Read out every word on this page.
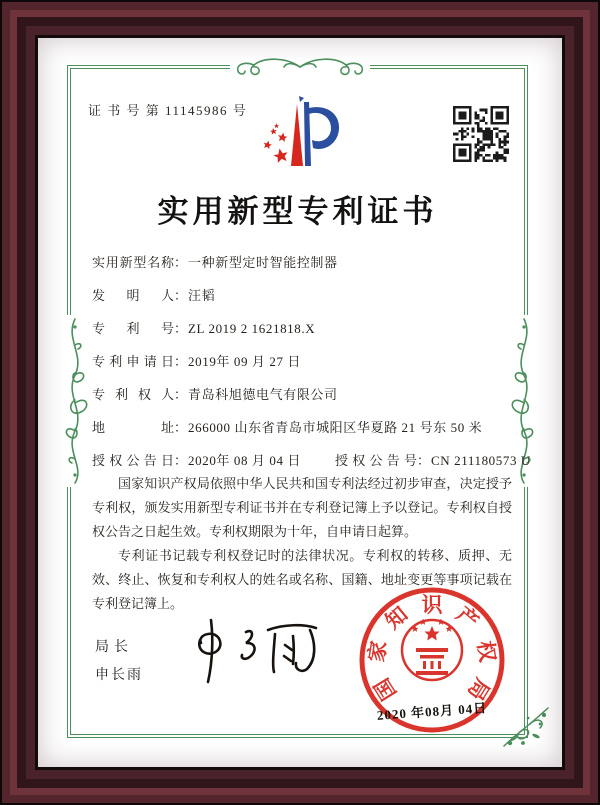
证 书 号 第 11145986 号
实用新型专利证书
实用新型名称 ： 一种新型定时智能控制器
发明人 ： 汪韬
专利号 ： ZL 2019 2 1621818.X
专利申请日 ： 2019年 09 月 27 日
专利权人 ： 青岛科旭德电气有限公司
地址 ： 266000 山东省青岛市城阳区华夏路 21 号东 50 米
授权公告日 ： 2020年 08 月 04 日	授权公告号 ： CN 211180573 U

国家知识产权局依照中华人民共和国专利法经过初步审查，决定授予专利权，颁发实用新型专利证书并在专利登记簿上予以登记。专利权自授权公告之日起生效。专利权期限为十年，自申请日起算。

专利证书记载专利权登记时的法律状况。专利权的转移、质押、无效、终止、恢复和专利权人的姓名或名称、国籍、地址变更等事项记载在专利登记簿上。

局长
申长雨	国
家
知 识 产
权
局
2020 年08月 04日
